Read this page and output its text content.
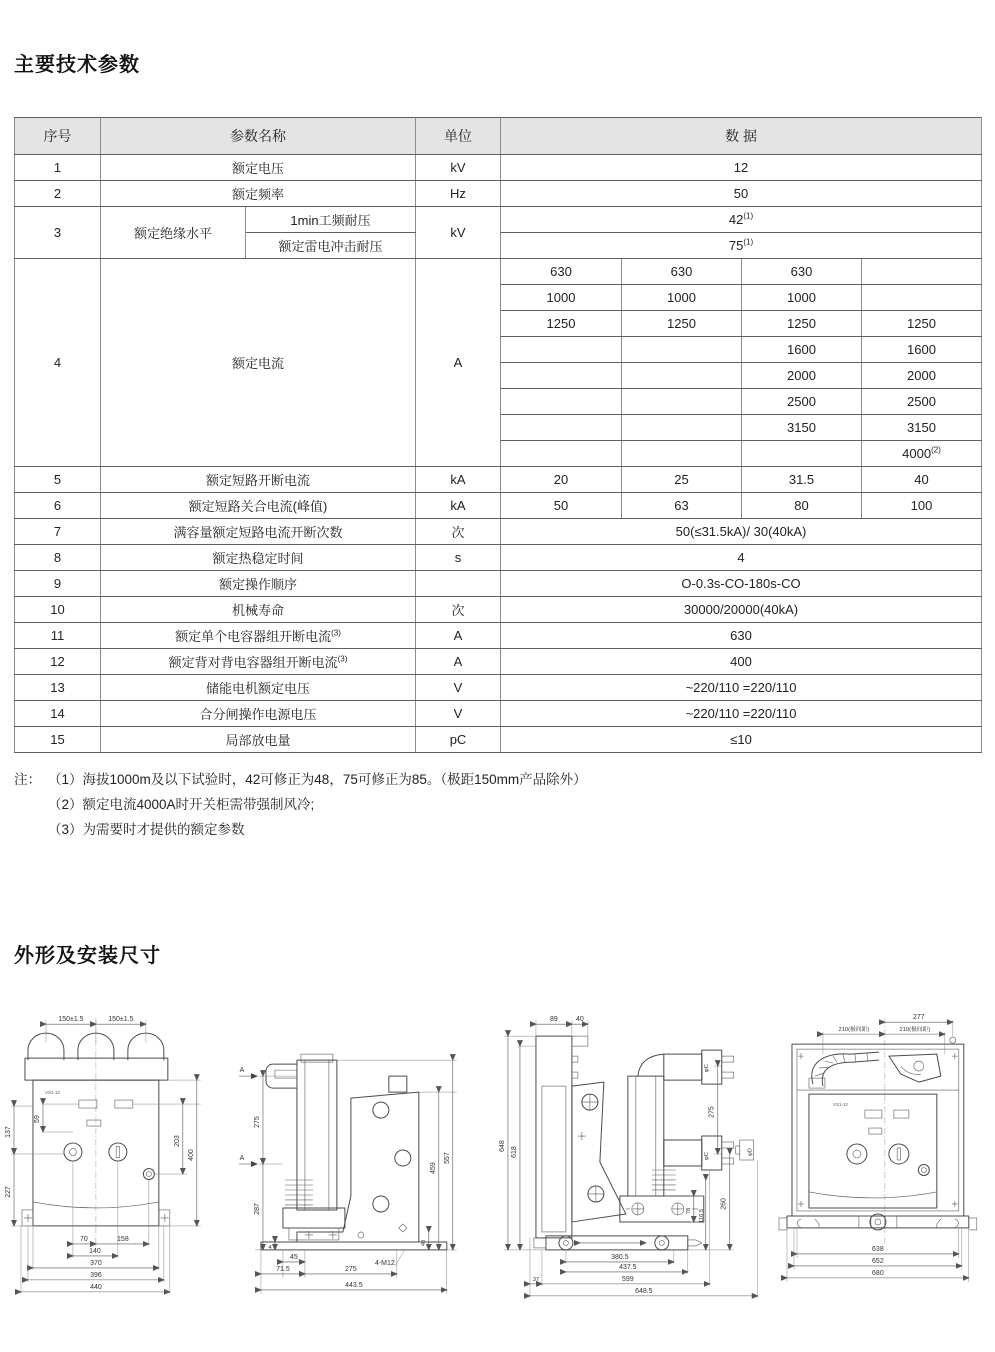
主要技术参数
序号	参数名称		单位	数 据			
1	额定电压		kV	12			
2	额定频率		Hz	50			
3	额定绝缘水平	1min工频耐压	kV	42$^{(1)}$
		额定雷电冲击耐压		75$^{(1)}$
4	额定电流		A	630	630	630	
				1000	1000	1000	
				1250	1250	1250	1250
						1600	1600
						2000	2000
						2500	2500
						3150	3150
							4000$^{(2)}$
5	额定短路开断电流		kA	20	25	31.5	40
6	额定短路关合电流(峰值)		kA	50	63	80	100
7	满容量额定短路电流开断次数		次	50(≤31.5kA)/ 30(40kA)			
8	额定热稳定时间		s	4			
9	额定操作顺序			O-0.3s-CO-180s-CO			
10	机械寿命		次	30000/20000(40kA)			
11	额定单个电容器组开断电流$^{(3)}$		A	630			
12	额定背对背电容器组开断电流$^{(3)}$		A	400			
13	储能电机额定电压		V	~220/110 =220/110			
14	合分闸操作电源电压		V	~220/110 =220/110			
15	局部放电量		pC	≤10			
注： （1）海拔1000m及以下试验时，42可修正为48，75可修正为85。（极距150mm产品除外）
（2）额定电流4000A时开关柜需带强制风冷;
（3）为需要时才提供的额定参数
外形及安装尺寸
VS1-12
150±1.5	150±1.5
137
227
59
203
400
70	158
140
370
396
440
A
A
275
287
4
459
557
40
45
71.5	275
4-M12
443.5
89	40
648
618
φC
φC
φD
275
260
78 116.5
37
380.5
437.5
599
648.5
VS1-12
277
210(极间距)	210(极间距)
638
652
680
